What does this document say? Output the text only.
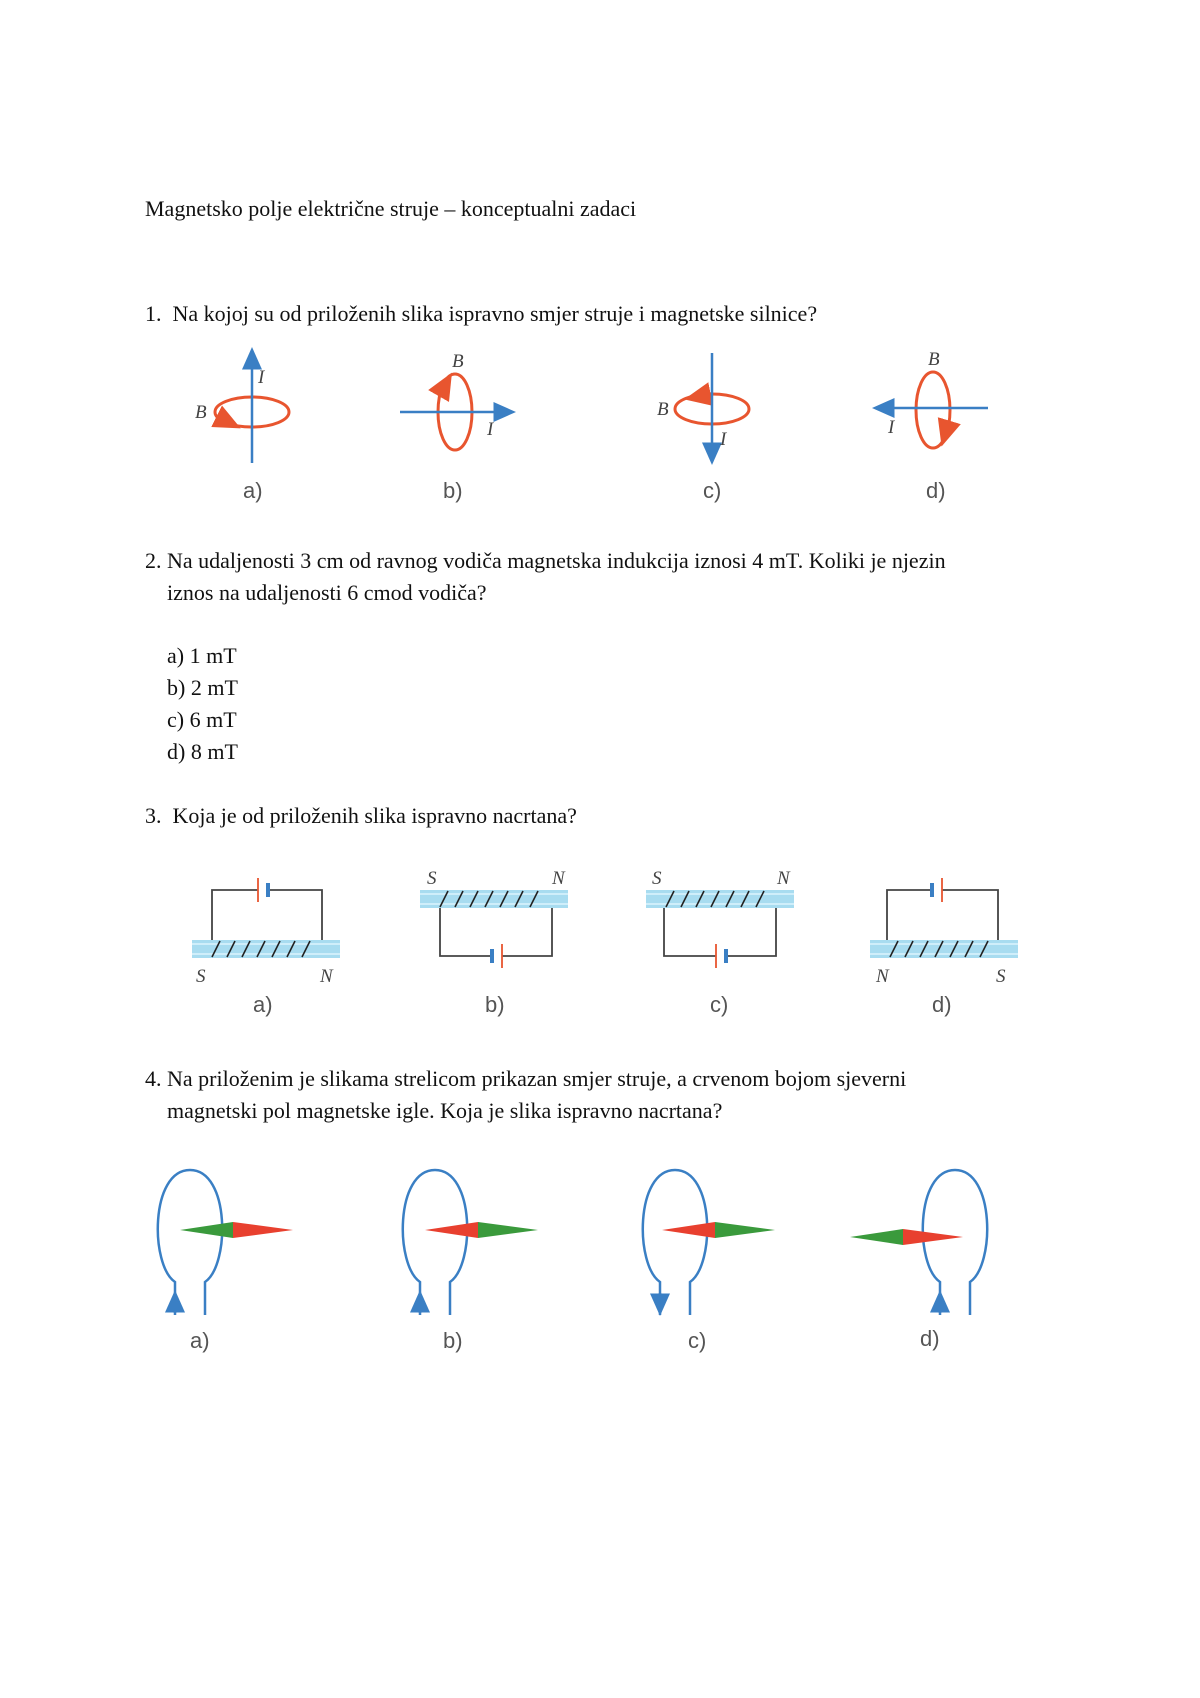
Magnetsko polje električne struje – konceptualni zadaci
1. Na kojoj su od priloženih slika ispravno smjer struje i magnetske silnice?
I
B
a)
B
I
b)
B
I
c)
B
I
d)
2. Na udaljenosti 3 cm od ravnog vodiča magnetska indukcija iznosi 4 mT. Koliki je njezin
iznos na udaljenosti 6 cmod vodiča?
a) 1 mT
b) 2 mT
c) 6 mT
d) 8 mT
3. Koja je od priloženih slika ispravno nacrtana?
S	N
a)
S	N
b)
S	N
c)
N	S
d)
4. Na priloženim je slikama strelicom prikazan smjer struje, a crvenom bojom sjeverni
magnetski pol magnetske igle. Koja je slika ispravno nacrtana?
a)	b)	c)	d)
